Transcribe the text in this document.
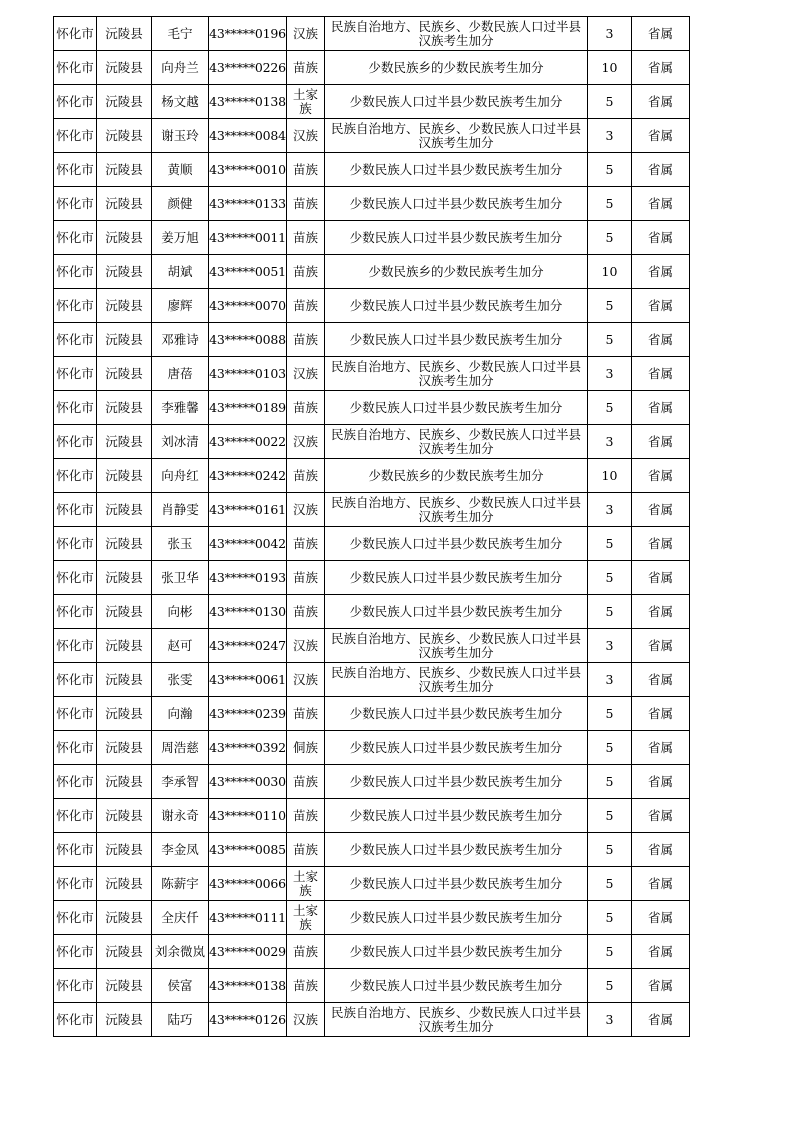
怀化市	沅陵县	毛宁	43*****0196	汉族	民族自治地方、民族乡、少数民族人口过半县汉族考生加分	3	省属
怀化市	沅陵县	向舟兰	43*****0226	苗族	少数民族乡的少数民族考生加分	10	省属
怀化市	沅陵县	杨文越	43*****0138	土家族	少数民族人口过半县少数民族考生加分	5	省属
怀化市	沅陵县	谢玉玲	43*****0084	汉族	民族自治地方、民族乡、少数民族人口过半县汉族考生加分	3	省属
怀化市	沅陵县	黄顺	43*****0010	苗族	少数民族人口过半县少数民族考生加分	5	省属
怀化市	沅陵县	颜健	43*****0133	苗族	少数民族人口过半县少数民族考生加分	5	省属
怀化市	沅陵县	姜万旭	43*****0011	苗族	少数民族人口过半县少数民族考生加分	5	省属
怀化市	沅陵县	胡斌	43*****0051	苗族	少数民族乡的少数民族考生加分	10	省属
怀化市	沅陵县	廖辉	43*****0070	苗族	少数民族人口过半县少数民族考生加分	5	省属
怀化市	沅陵县	邓雅诗	43*****0088	苗族	少数民族人口过半县少数民族考生加分	5	省属
怀化市	沅陵县	唐蓓	43*****0103	汉族	民族自治地方、民族乡、少数民族人口过半县汉族考生加分	3	省属
怀化市	沅陵县	李雅馨	43*****0189	苗族	少数民族人口过半县少数民族考生加分	5	省属
怀化市	沅陵县	刘冰清	43*****0022	汉族	民族自治地方、民族乡、少数民族人口过半县汉族考生加分	3	省属
怀化市	沅陵县	向舟红	43*****0242	苗族	少数民族乡的少数民族考生加分	10	省属
怀化市	沅陵县	肖静雯	43*****0161	汉族	民族自治地方、民族乡、少数民族人口过半县汉族考生加分	3	省属
怀化市	沅陵县	张玉	43*****0042	苗族	少数民族人口过半县少数民族考生加分	5	省属
怀化市	沅陵县	张卫华	43*****0193	苗族	少数民族人口过半县少数民族考生加分	5	省属
怀化市	沅陵县	向彬	43*****0130	苗族	少数民族人口过半县少数民族考生加分	5	省属
怀化市	沅陵县	赵可	43*****0247	汉族	民族自治地方、民族乡、少数民族人口过半县汉族考生加分	3	省属
怀化市	沅陵县	张雯	43*****0061	汉族	民族自治地方、民族乡、少数民族人口过半县汉族考生加分	3	省属
怀化市	沅陵县	向瀚	43*****0239	苗族	少数民族人口过半县少数民族考生加分	5	省属
怀化市	沅陵县	周浩慈	43*****0392	侗族	少数民族人口过半县少数民族考生加分	5	省属
怀化市	沅陵县	李承智	43*****0030	苗族	少数民族人口过半县少数民族考生加分	5	省属
怀化市	沅陵县	谢永奇	43*****0110	苗族	少数民族人口过半县少数民族考生加分	5	省属
怀化市	沅陵县	李金凤	43*****0085	苗族	少数民族人口过半县少数民族考生加分	5	省属
怀化市	沅陵县	陈薪宇	43*****0066	土家族	少数民族人口过半县少数民族考生加分	5	省属
怀化市	沅陵县	全庆仟	43*****0111	土家族	少数民族人口过半县少数民族考生加分	5	省属
怀化市	沅陵县	刘余微岚	43*****0029	苗族	少数民族人口过半县少数民族考生加分	5	省属
怀化市	沅陵县	侯富	43*****0138	苗族	少数民族人口过半县少数民族考生加分	5	省属
怀化市	沅陵县	陆巧	43*****0126	汉族	民族自治地方、民族乡、少数民族人口过半县汉族考生加分	3	省属
